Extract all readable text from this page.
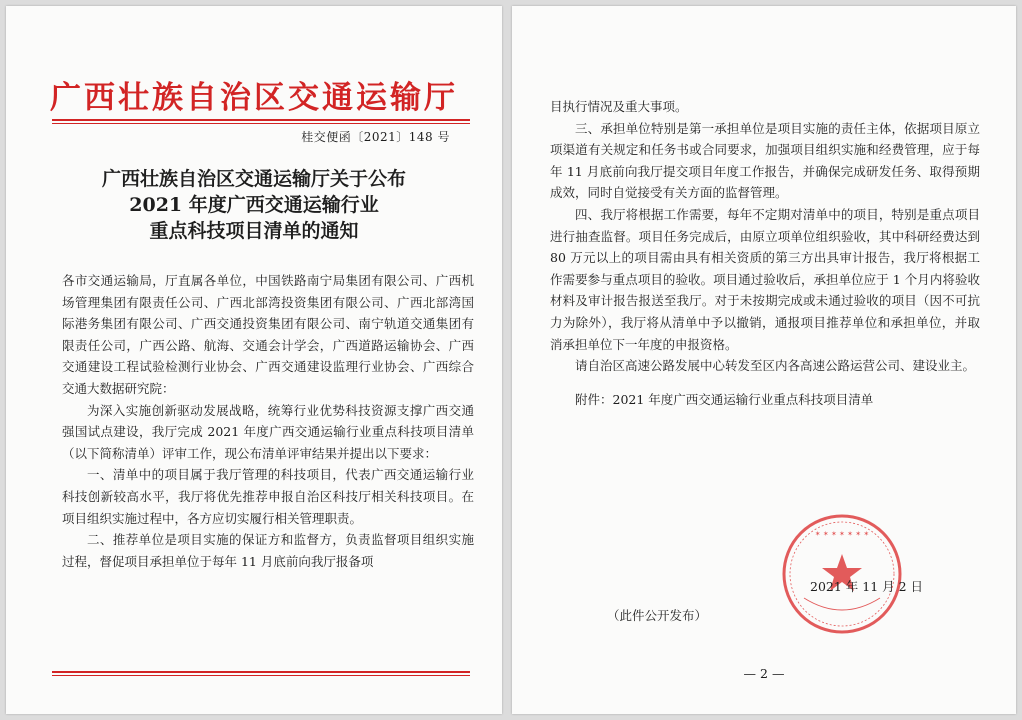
广西壮族自治区交通运输厅
桂交便函〔2021〕148 号
广西壮族自治区交通运输厅关于公布
2021 年度广西交通运输行业
重点科技项目清单的通知

各市交通运输局，厅直属各单位，中国铁路南宁局集团有限公司、广西机场管理集团有限责任公司、广西北部湾投资集团有限公司、广西北部湾国际港务集团有限公司、广西交通投资集团有限公司、南宁轨道交通集团有限责任公司，广西公路、航海、交通会计学会，广西道路运输协会、广西交通建设工程试验检测行业协会、广西交通建设监理行业协会、广西综合交通大数据研究院：

为深入实施创新驱动发展战略，统筹行业优势科技资源支撑广西交通强国试点建设，我厅完成 2021 年度广西交通运输行业重点科技项目清单（以下简称清单）评审工作，现公布清单评审结果并提出以下要求：

一、清单中的项目属于我厅管理的科技项目，代表广西交通运输行业科技创新较高水平，我厅将优先推荐申报自治区科技厅相关科技项目。在项目组织实施过程中，各方应切实履行相关管理职责。

二、推荐单位是项目实施的保证方和监督方，负责监督项目组织实施过程，督促项目承担单位于每年 11 月底前向我厅报备项

目执行情况及重大事项。

三、承担单位特别是第一承担单位是项目实施的责任主体，依据项目原立项渠道有关规定和任务书或合同要求，加强项目组织实施和经费管理，应于每年 11 月底前向我厅提交项目年度工作报告，并确保完成研发任务、取得预期成效，同时自觉接受有关方面的监督管理。

四、我厅将根据工作需要，每年不定期对清单中的项目，特别是重点项目进行抽查监督。项目任务完成后，由原立项单位组织验收，其中科研经费达到 80 万元以上的项目需由具有相关资质的第三方出具审计报告，我厅将根据工作需要参与重点项目的验收。项目通过验收后，承担单位应于 1 个月内将验收材料及审计报告报送至我厅。对于未按期完成或未通过验收的项目（因不可抗力为除外），我厅将从清单中予以撤销，通报项目推荐单位和承担单位，并取消承担单位下一年度的申报资格。

请自治区高速公路发展中心转发至区内各高速公路运营公司、建设业主。

附件：2021 年度广西交通运输行业重点科技项目清单

✶ ✶ ✶ ✶ ✶ ✶ ✶
2021 年 11 月 2 日
（此件公开发布）
— 2 —
